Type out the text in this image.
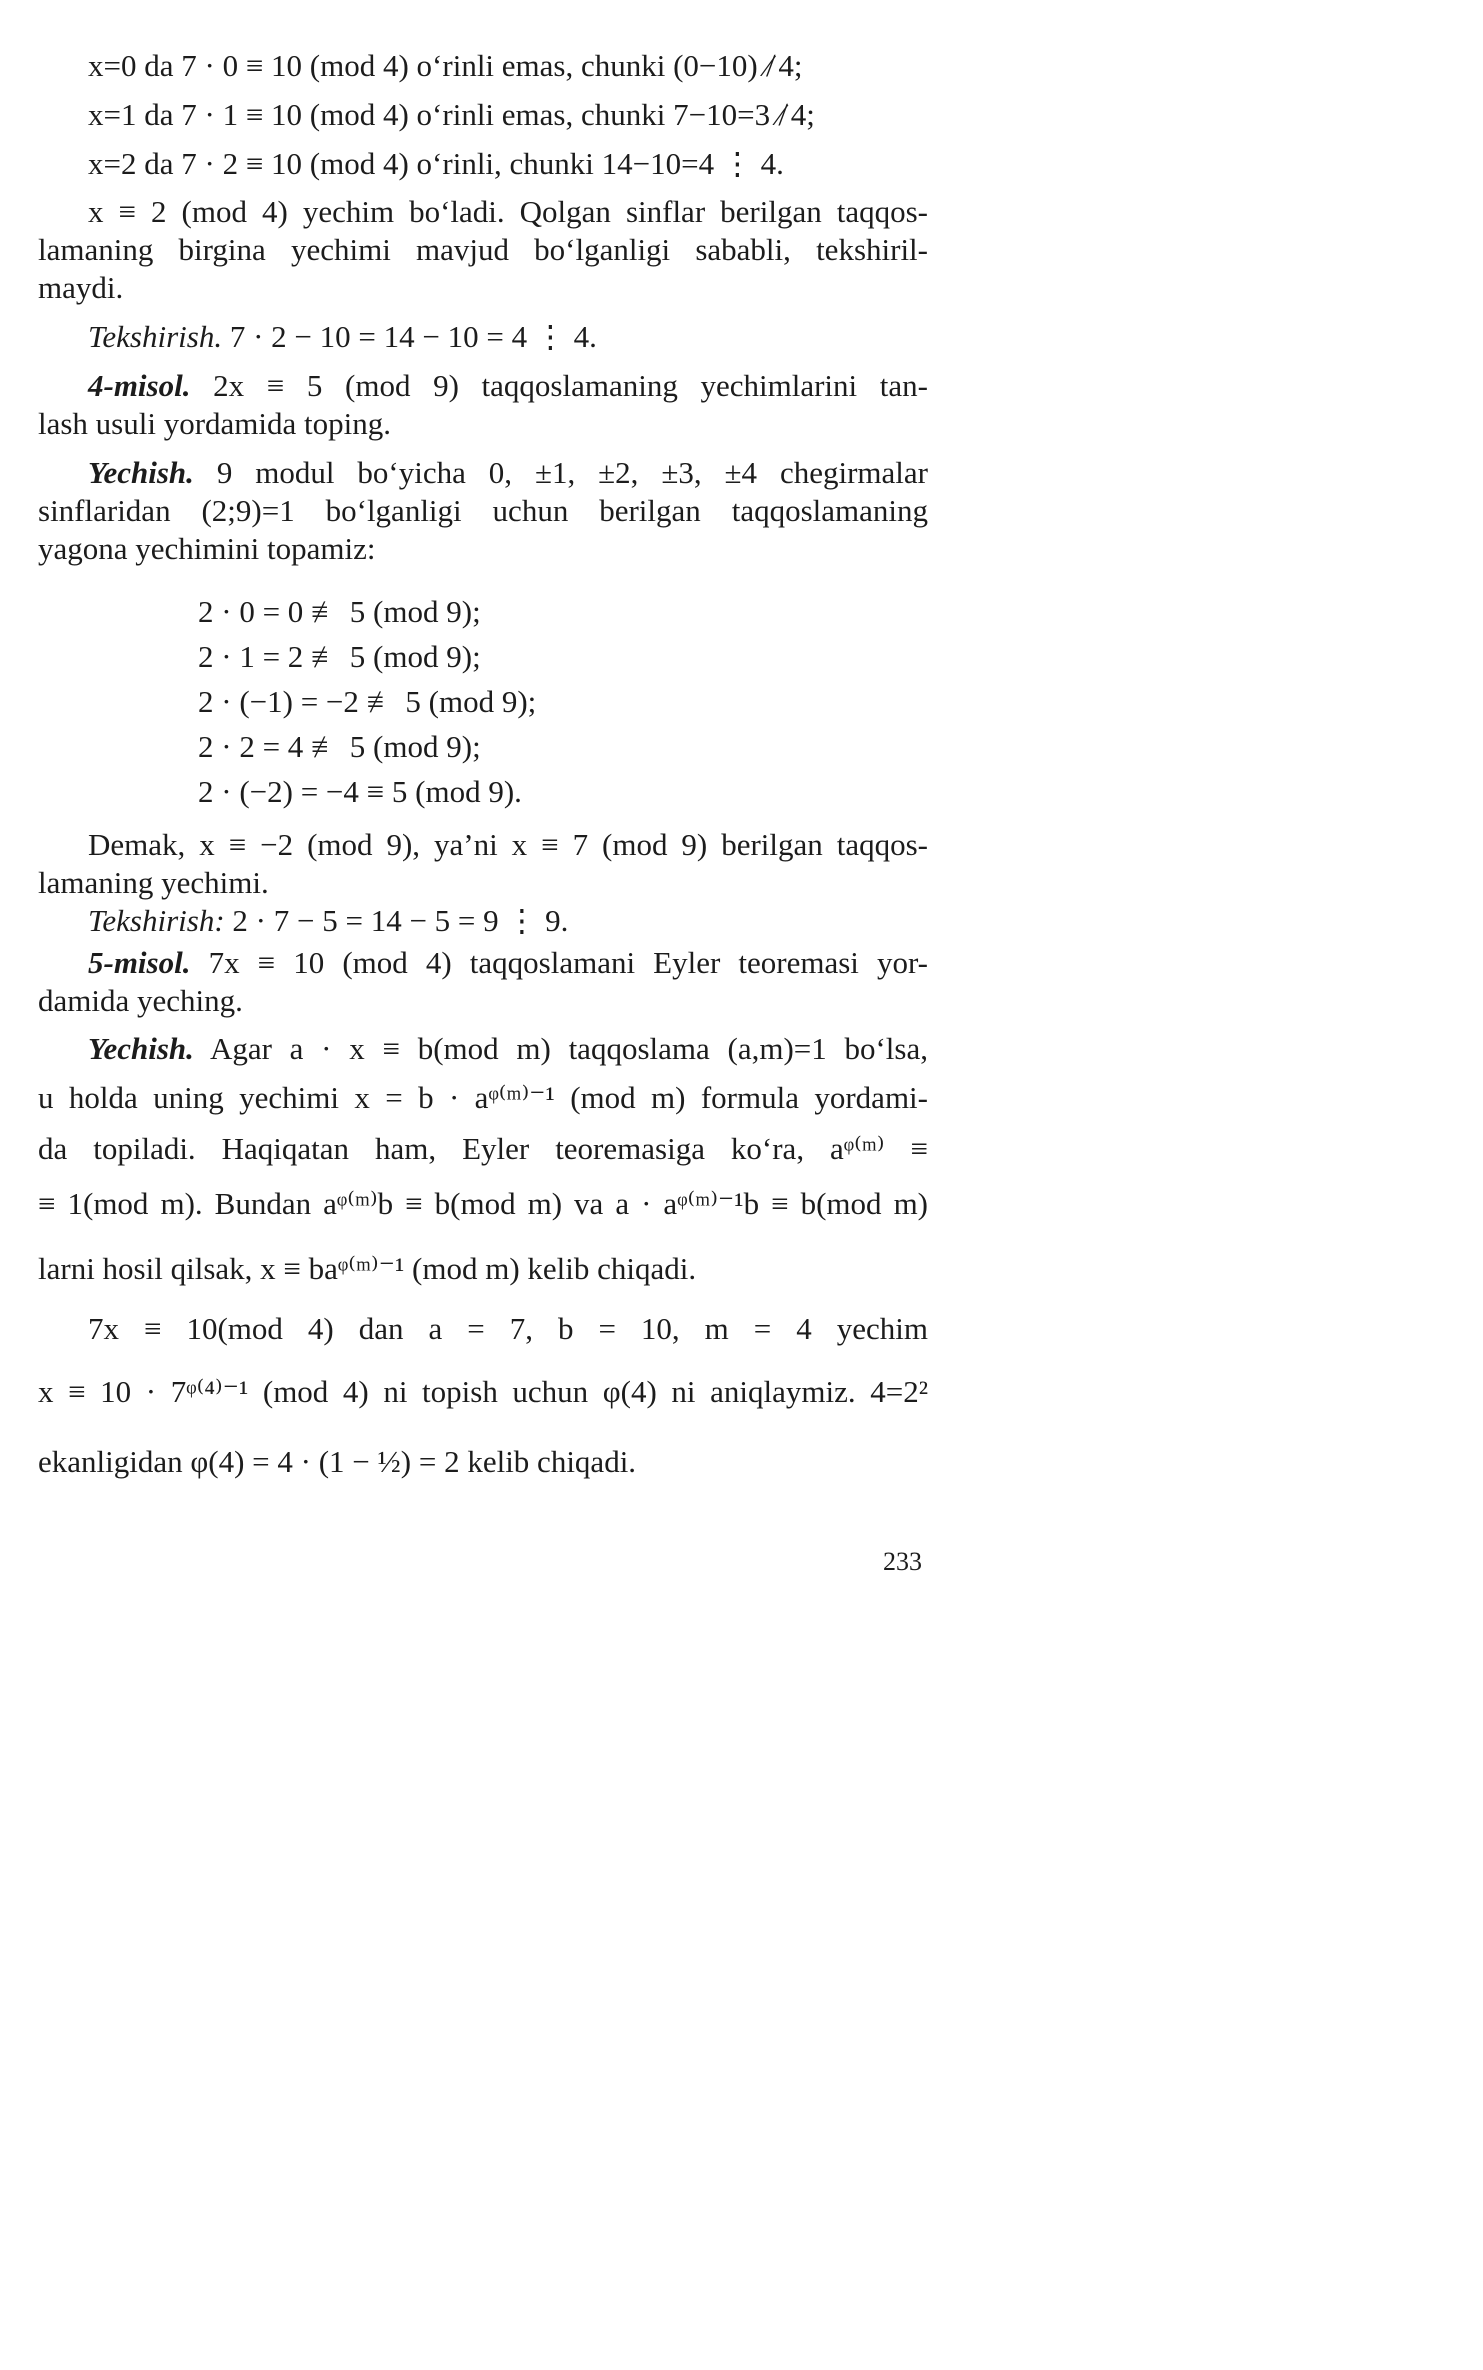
x=0 da 7 · 0 ≡ 10 (mod 4) o‘rinli emas, chunki (0−10) ⁄̸ 4;
x=1 da 7 · 1 ≡ 10 (mod 4) o‘rinli emas, chunki 7−10=3 ⁄̸ 4;
x=2 da 7 · 2 ≡ 10 (mod 4) o‘rinli, chunki 14−10=4 ⋮ 4.
x ≡ 2 (mod 4) yechim bo‘ladi. Qolgan sinflar berilgan taqqos-
lamaning birgina yechimi mavjud bo‘lganligi sababli, tekshiril-
maydi.
Tekshirish. 7 · 2 − 10 = 14 − 10 = 4 ⋮ 4.
4-misol. 2x ≡ 5 (mod 9) taqqoslamaning yechimlarini tan-
lash usuli yordamida toping.
Yechish. 9 modul bo‘yicha 0, ±1, ±2, ±3, ±4 chegirmalar
sinflaridan (2;9)=1 bo‘lganligi uchun berilgan taqqoslamaning
yagona yechimini topamiz:
2 · 0 = 0 ≢ 5 (mod 9);
2 · 1 = 2 ≢ 5 (mod 9);
2 · (−1) = −2 ≢ 5 (mod 9);
2 · 2 = 4 ≢ 5 (mod 9);
2 · (−2) = −4 ≡ 5 (mod 9).
Demak, x ≡ −2 (mod 9), ya’ni x ≡ 7 (mod 9) berilgan taqqos-
lamaning yechimi.
Tekshirish: 2 · 7 − 5 = 14 − 5 = 9 ⋮ 9.
5-misol. 7x ≡ 10 (mod 4) taqqoslamani Eyler teoremasi yor-
damida yeching.
Yechish. Agar a · x ≡ b(mod m) taqqoslama (a,m)=1 bo‘lsa,
u holda uning yechimi x = b · aᵠ⁽ᵐ⁾⁻¹ (mod m) formula yordami-
da topiladi. Haqiqatan ham, Eyler teoremasiga ko‘ra, aᵠ⁽ᵐ⁾ ≡
≡ 1(mod m). Bundan aᵠ⁽ᵐ⁾b ≡ b(mod m) va a · aᵠ⁽ᵐ⁾⁻¹b ≡ b(mod m)
larni hosil qilsak, x ≡ baᵠ⁽ᵐ⁾⁻¹ (mod m) kelib chiqadi.
7x ≡ 10(mod 4) dan a = 7, b = 10, m = 4 yechim
x ≡ 10 · 7ᵠ⁽⁴⁾⁻¹ (mod 4) ni topish uchun φ(4) ni aniqlaymiz. 4=2²
ekanligidan φ(4) = 4 · (1 − ½) = 2 kelib chiqadi.
233
